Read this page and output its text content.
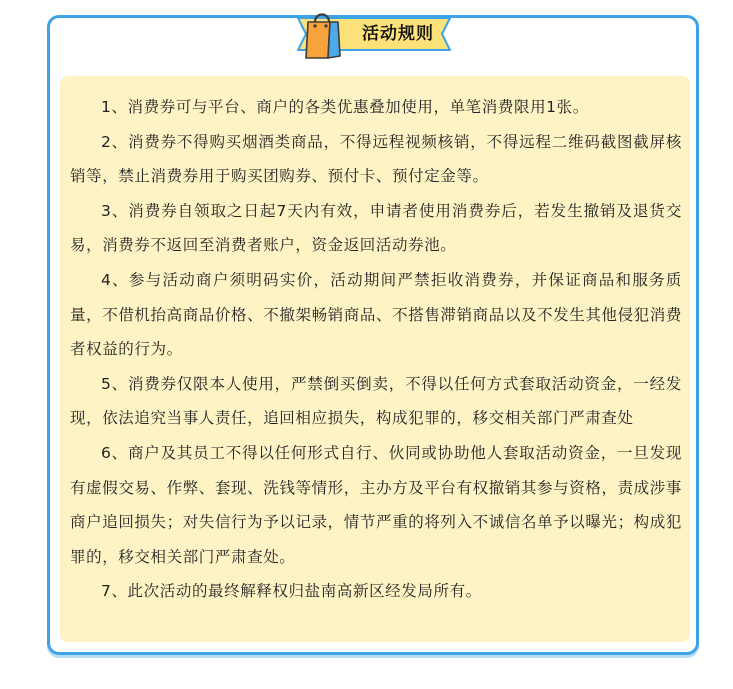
活动规则

1、消费券可与平台、商户的各类优惠叠加使用，单笔消费限用1张。

2、消费券不得购买烟酒类商品，不得远程视频核销，不得远程二维码截图截屏核销等，禁止消费券用于购买团购券、预付卡、预付定金等。

3、消费券自领取之日起7天内有效，申请者使用消费券后，若发生撤销及退货交易，消费券不返回至消费者账户，资金返回活动券池。

4、参与活动商户须明码实价，活动期间严禁拒收消费券，并保证商品和服务质量，不借机抬高商品价格、不撤架畅销商品、不搭售滞销商品以及不发生其他侵犯消费者权益的行为。

5、消费券仅限本人使用，严禁倒买倒卖，不得以任何方式套取活动资金，一经发现，依法追究当事人责任，追回相应损失，构成犯罪的，移交相关部门严肃查处

6、商户及其员工不得以任何形式自行、伙同或协助他人套取活动资金，一旦发现有虚假交易、作弊、套现、洗钱等情形，主办方及平台有权撤销其参与资格，责成涉事商户追回损失；对失信行为予以记录，情节严重的将列入不诚信名单予以曝光；构成犯罪的，移交相关部门严肃查处。

7、此次活动的最终解释权归盐南高新区经发局所有。
